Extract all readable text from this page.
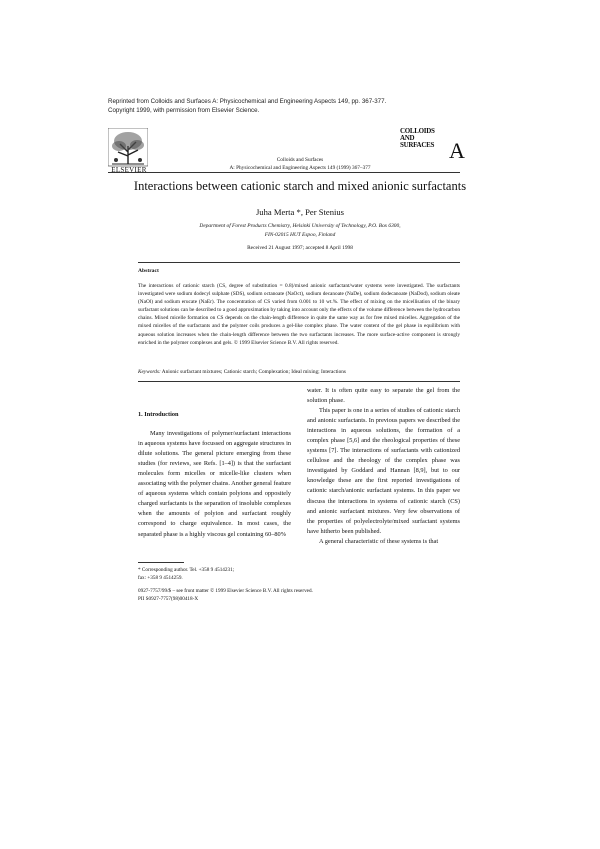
Reprinted from Colloids and Surfaces A: Physicochemical and Engineering Aspects 149, pp. 367-377.
Copyright 1999, with permission from Elsevier Science.
ELSEVIER
Colloids and Surfaces
A: Physicochemical and Engineering Aspects 149 (1999) 367–377
COLLOIDS
AND
SURFACES A
Interactions between cationic starch and mixed anionic surfactants
Juha Merta *, Per Stenius
Department of Forest Products Chemistry, Helsinki University of Technology, P.O. Box 6300,
FIN-02015 HUT Espoo, Finland
Received 21 August 1997; accepted 8 April 1998
Abstract
The interactions of cationic starch (CS, degree of substitution = 0.8)/mixed anionic surfactant/water systems were investigated. The surfactants investigated were sodium dodecyl sulphate (SDS), sodium octanoate (NaOct), sodium decanoate (NaDe), sodium dodecanoate (NaDod), sodium oleate (NaOl) and sodium erucate (NaEr). The concentration of CS varied from 0.001 to 10 wt.%. The effect of mixing on the micellisation of the binary surfactant solutions can be described to a good approximation by taking into account only the effects of the volume difference between the hydrocarbon chains. Mixed micelle formation on CS depends on the chain-length difference in quite the same way as for free mixed micelles. Aggregation of the mixed micelles of the surfactants and the polymer coils produces a gel-like complex phase. The water content of the gel phase in equilibrium with aqueous solution increases when the chain-length difference between the two surfactants increases. The more surface-active component is strongly enriched in the polymer complexes and gels. © 1999 Elsevier Science B.V. All rights reserved.
Keywords: Anionic surfactant mixtures; Cationic starch; Complexation; Ideal mixing; Interactions
1. Introduction

Many investigations of polymer/surfactant interactions in aqueous systems have focussed on aggregate structures in dilute solutions. The general picture emerging from these studies (for reviews, see Refs. [1–4]) is that the surfactant molecules form micelles or micelle-like clusters when associating with the polymer chains. Another general feature of aqueous systems which contain polyions and oppositely charged surfactants is the separation of insoluble complexes when the amounts of polyion and surfactant roughly correspond to charge equivalence. In most cases, the separated phase is a highly viscous gel containing 60–80%

water. It is often quite easy to separate the gel from the solution phase.

This paper is one in a series of studies of cationic starch and anionic surfactants. In previous papers we described the interactions in aqueous solutions, the formation of a complex phase [5,6] and the rheological properties of these systems [7]. The interactions of surfactants with cationized cellulose and the rheology of the complex phase was investigated by Goddard and Hannan [8,9], but to our knowledge these are the first reported investigations of cationic starch/anionic surfactant systems. In this paper we discuss the interactions in systems of cationic starch (CS) and anionic surfactant mixtures. Very few observations of the properties of polyelectrolyte/mixed surfactant systems have hitherto been published.

A general characteristic of these systems is that

* Corresponding author. Tel. +358 9 4514231;
fax: +358 9 4514259.
0927-7757/99/$ – see front matter © 1999 Elsevier Science B.V. All rights reserved.
PII S0927-7757(98)00418-X
